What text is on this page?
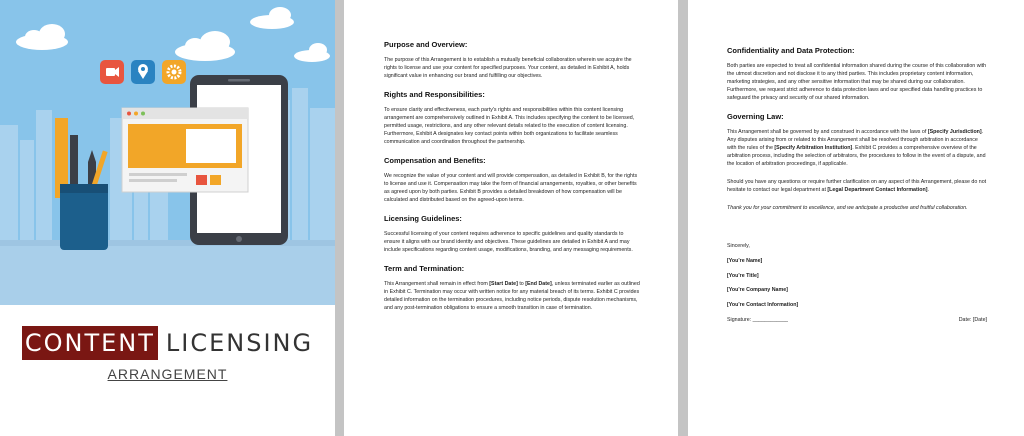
CONTENT LICENSING
ARRANGEMENT
Purpose and Overview:

The purpose of this Arrangement is to establish a mutually beneficial collaboration wherein we acquire the rights to license and use your content for specified purposes. Your content, as detailed in Exhibit A, holds significant value in enhancing our brand and fulfilling our objectives.

Rights and Responsibilities:

To ensure clarity and effectiveness, each party's rights and responsibilities within this content licensing arrangement are comprehensively outlined in Exhibit A. This includes specifying the content to be licensed, permitted usage, restrictions, and any other relevant details related to the execution of content licensing. Furthermore, Exhibit A designates key contact points within both organizations to facilitate seamless communication and coordination throughout the partnership.

Compensation and Benefits:

We recognize the value of your content and will provide compensation, as detailed in Exhibit B, for the rights to license and use it. Compensation may take the form of financial arrangements, royalties, or other benefits as agreed upon by both parties. Exhibit B provides a detailed breakdown of how compensation will be calculated and distributed based on the agreed-upon terms.

Licensing Guidelines:

Successful licensing of your content requires adherence to specific guidelines and quality standards to ensure it aligns with our brand identity and objectives. These guidelines are detailed in Exhibit A and may include specifications regarding content usage, modifications, branding, and any messaging requirements.

Term and Termination:

This Arrangement shall remain in effect from [Start Date] to [End Date], unless terminated earlier as outlined in Exhibit C. Termination may occur with written notice for any material breach of its terms. Exhibit C provides detailed information on the termination procedures, including notice periods, dispute resolution mechanisms, and any post-termination obligations to ensure a smooth transition in case of termination.

Confidentiality and Data Protection:

Both parties are expected to treat all confidential information shared during the course of this collaboration with the utmost discretion and not disclose it to any third parties. This includes proprietary content information, marketing strategies, and any other sensitive information that may be shared during our collaboration. Furthermore, we request strict adherence to data protection laws and our specified data handling practices to safeguard the privacy and security of our shared information.

Governing Law:

This Arrangement shall be governed by and construed in accordance with the laws of [Specify Jurisdiction]. Any disputes arising from or related to this Arrangement shall be resolved through arbitration in accordance with the rules of the [Specify Arbitration Institution]. Exhibit C provides a comprehensive overview of the arbitration process, including the selection of arbitrators, the procedures to follow in the event of a dispute, and the location of arbitration proceedings, if applicable.

Should you have any questions or require further clarification on any aspect of this Arrangement, please do not hesitate to contact our legal department at [Legal Department Contact Information].

Thank you for your commitment to excellence, and we anticipate a productive and fruitful collaboration.

Sincerely,
[You're Name]
[You're Title]
[You're Company Name]
[You're Contact Information]
Signature: ____________	Date: [Date]
